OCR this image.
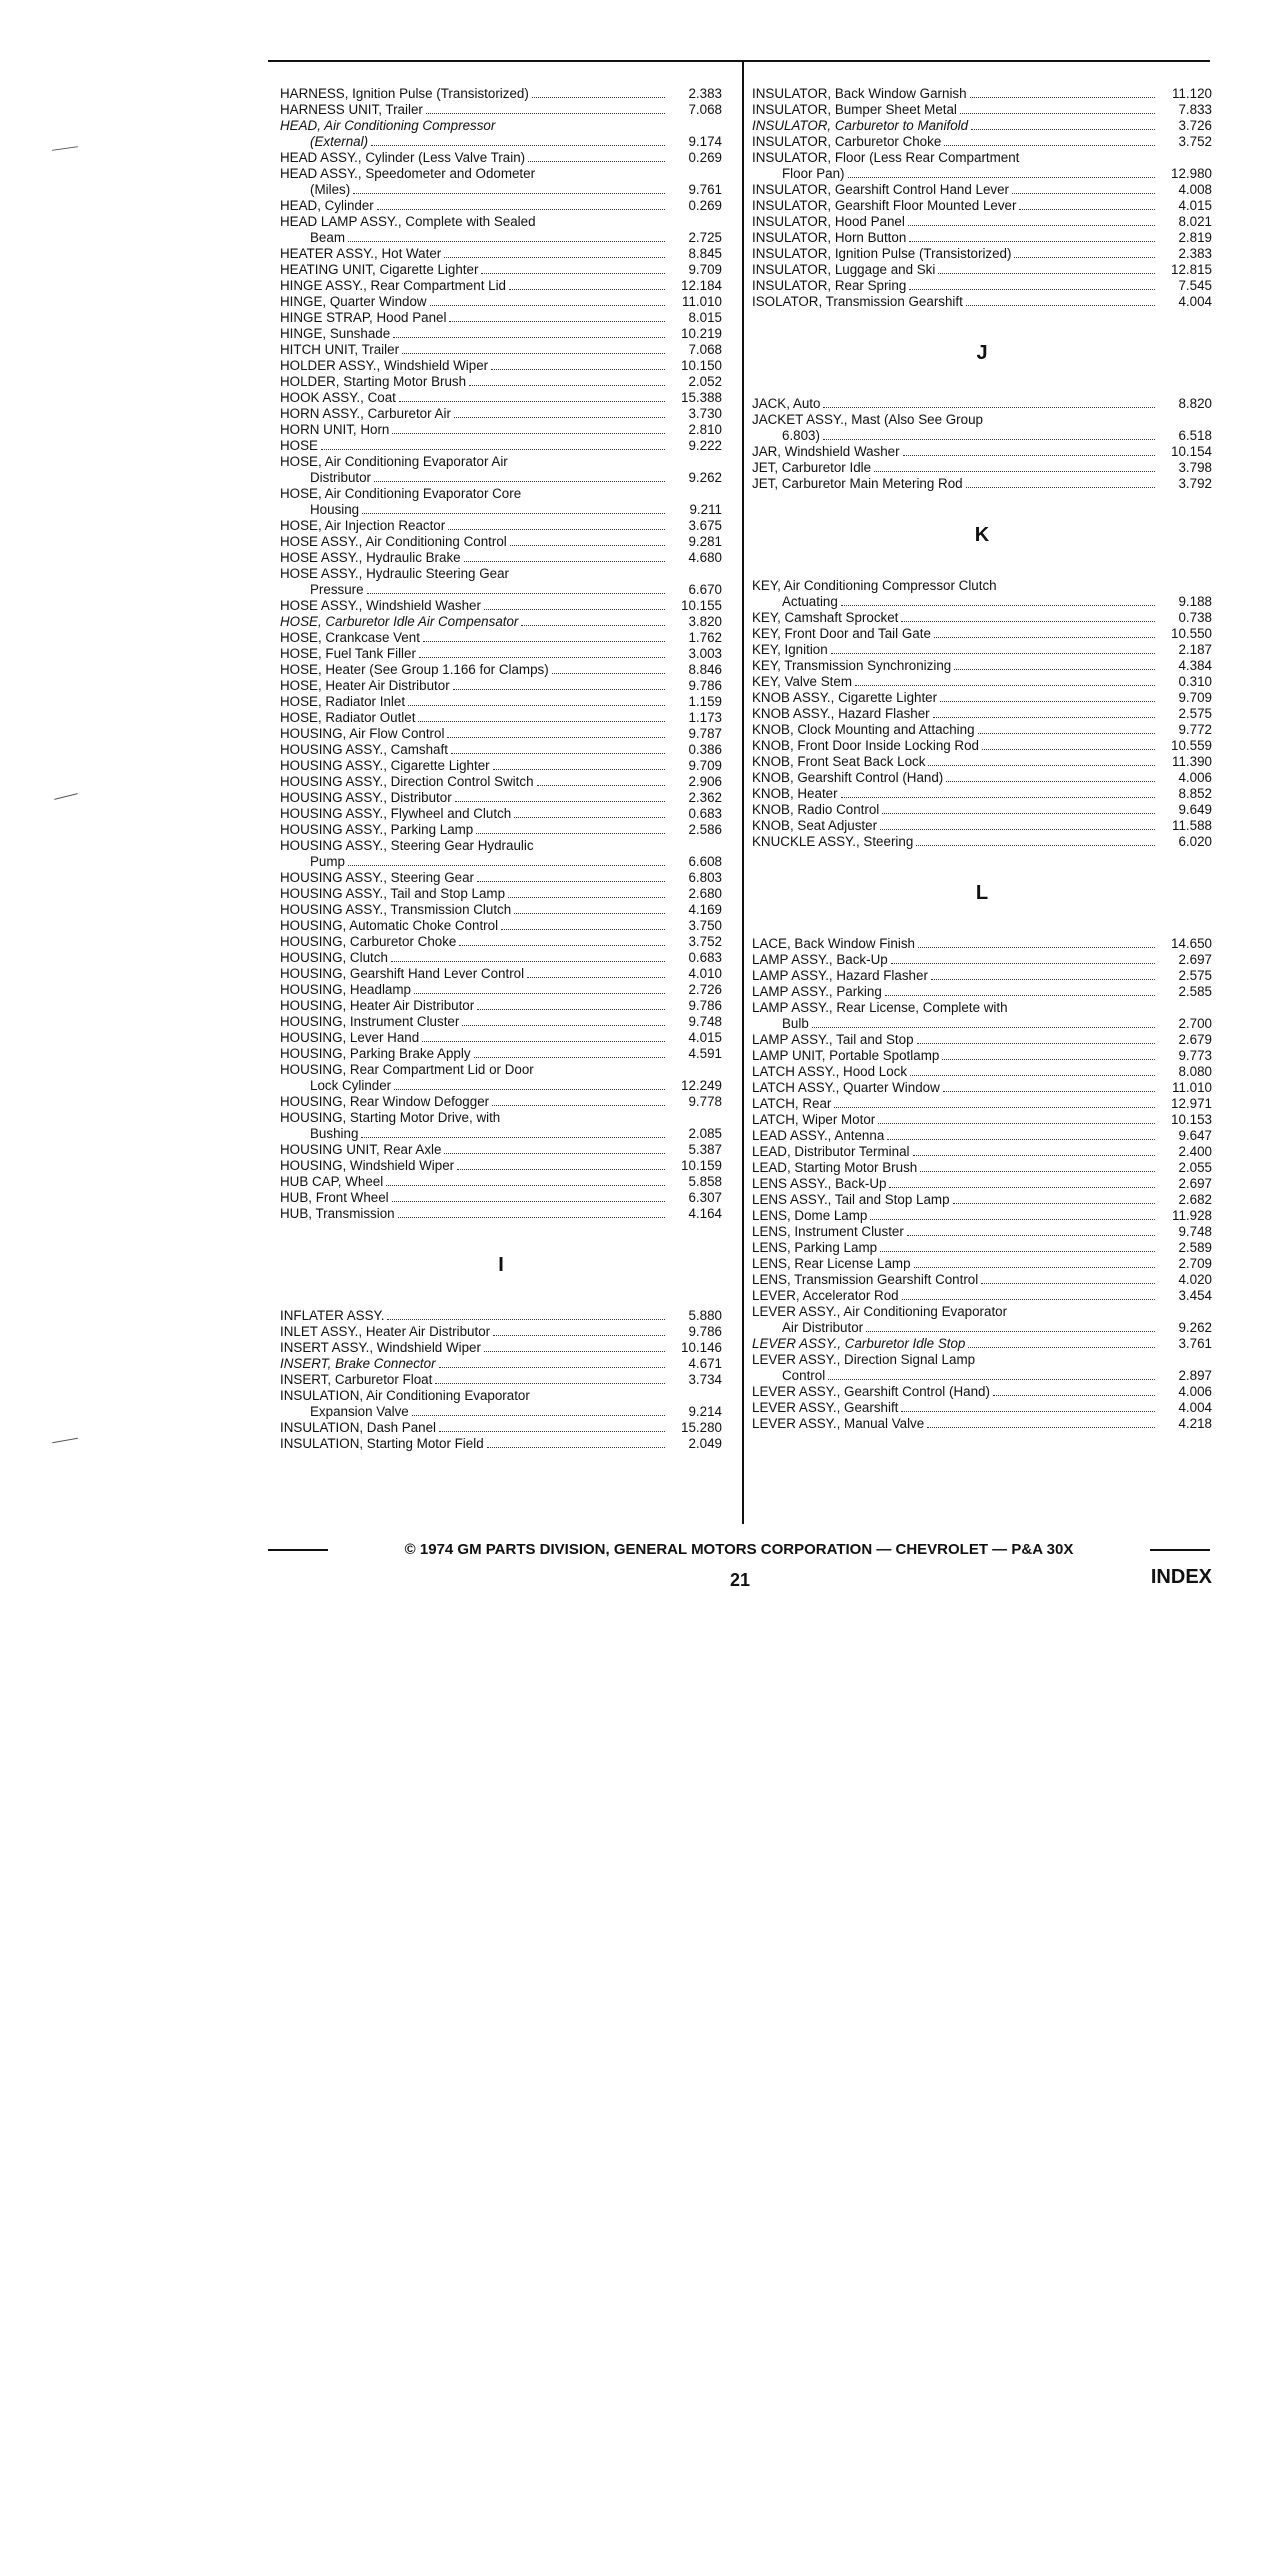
HARNESS, Ignition Pulse (Transistorized)	2.383
HARNESS UNIT, Trailer	7.068
HEAD, Air Conditioning Compressor
(External)	9.174
HEAD ASSY., Cylinder (Less Valve Train)	0.269
HEAD ASSY., Speedometer and Odometer
(Miles)	9.761
HEAD, Cylinder	0.269
HEAD LAMP ASSY., Complete with Sealed
Beam	2.725
HEATER ASSY., Hot Water	8.845
HEATING UNIT, Cigarette Lighter	9.709
HINGE ASSY., Rear Compartment Lid	12.184
HINGE, Quarter Window	11.010
HINGE STRAP, Hood Panel	8.015
HINGE, Sunshade	10.219
HITCH UNIT, Trailer	7.068
HOLDER ASSY., Windshield Wiper	10.150
HOLDER, Starting Motor Brush	2.052
HOOK ASSY., Coat	15.388
HORN ASSY., Carburetor Air	3.730
HORN UNIT, Horn	2.810
HOSE	9.222
HOSE, Air Conditioning Evaporator Air
Distributor	9.262
HOSE, Air Conditioning Evaporator Core
Housing	9.211
HOSE, Air Injection Reactor	3.675
HOSE ASSY., Air Conditioning Control	9.281
HOSE ASSY., Hydraulic Brake	4.680
HOSE ASSY., Hydraulic Steering Gear
Pressure	6.670
HOSE ASSY., Windshield Washer	10.155
HOSE, Carburetor Idle Air Compensator	3.820
HOSE, Crankcase Vent	1.762
HOSE, Fuel Tank Filler	3.003
HOSE, Heater (See Group 1.166 for Clamps)	8.846
HOSE, Heater Air Distributor	9.786
HOSE, Radiator Inlet	1.159
HOSE, Radiator Outlet	1.173
HOUSING, Air Flow Control	9.787
HOUSING ASSY., Camshaft	0.386
HOUSING ASSY., Cigarette Lighter	9.709
HOUSING ASSY., Direction Control Switch	2.906
HOUSING ASSY., Distributor	2.362
HOUSING ASSY., Flywheel and Clutch	0.683
HOUSING ASSY., Parking Lamp	2.586
HOUSING ASSY., Steering Gear Hydraulic
Pump	6.608
HOUSING ASSY., Steering Gear	6.803
HOUSING ASSY., Tail and Stop Lamp	2.680
HOUSING ASSY., Transmission Clutch	4.169
HOUSING, Automatic Choke Control	3.750
HOUSING, Carburetor Choke	3.752
HOUSING, Clutch	0.683
HOUSING, Gearshift Hand Lever Control	4.010
HOUSING, Headlamp	2.726
HOUSING, Heater Air Distributor	9.786
HOUSING, Instrument Cluster	9.748
HOUSING, Lever Hand	4.015
HOUSING, Parking Brake Apply	4.591
HOUSING, Rear Compartment Lid or Door
Lock Cylinder	12.249
HOUSING, Rear Window Defogger	9.778
HOUSING, Starting Motor Drive, with
Bushing	2.085
HOUSING UNIT, Rear Axle	5.387
HOUSING, Windshield Wiper	10.159
HUB CAP, Wheel	5.858
HUB, Front Wheel	6.307
HUB, Transmission	4.164
I
INFLATER ASSY.	5.880
INLET ASSY., Heater Air Distributor	9.786
INSERT ASSY., Windshield Wiper	10.146
INSERT, Brake Connector	4.671
INSERT, Carburetor Float	3.734
INSULATION, Air Conditioning Evaporator
Expansion Valve	9.214
INSULATION, Dash Panel	15.280
INSULATION, Starting Motor Field	2.049
INSULATOR, Back Window Garnish	11.120
INSULATOR, Bumper Sheet Metal	7.833
INSULATOR, Carburetor to Manifold	3.726
INSULATOR, Carburetor Choke	3.752
INSULATOR, Floor (Less Rear Compartment
Floor Pan)	12.980
INSULATOR, Gearshift Control Hand Lever	4.008
INSULATOR, Gearshift Floor Mounted Lever	4.015
INSULATOR, Hood Panel	8.021
INSULATOR, Horn Button	2.819
INSULATOR, Ignition Pulse (Transistorized)	2.383
INSULATOR, Luggage and Ski	12.815
INSULATOR, Rear Spring	7.545
ISOLATOR, Transmission Gearshift	4.004
J
JACK, Auto	8.820
JACKET ASSY., Mast (Also See Group
6.803)	6.518
JAR, Windshield Washer	10.154
JET, Carburetor Idle	3.798
JET, Carburetor Main Metering Rod	3.792
K
KEY, Air Conditioning Compressor Clutch
Actuating	9.188
KEY, Camshaft Sprocket	0.738
KEY, Front Door and Tail Gate	10.550
KEY, Ignition	2.187
KEY, Transmission Synchronizing	4.384
KEY, Valve Stem	0.310
KNOB ASSY., Cigarette Lighter	9.709
KNOB ASSY., Hazard Flasher	2.575
KNOB, Clock Mounting and Attaching	9.772
KNOB, Front Door Inside Locking Rod	10.559
KNOB, Front Seat Back Lock	11.390
KNOB, Gearshift Control (Hand)	4.006
KNOB, Heater	8.852
KNOB, Radio Control	9.649
KNOB, Seat Adjuster	11.588
KNUCKLE ASSY., Steering	6.020
L
LACE, Back Window Finish	14.650
LAMP ASSY., Back-Up	2.697
LAMP ASSY., Hazard Flasher	2.575
LAMP ASSY., Parking	2.585
LAMP ASSY., Rear License, Complete with
Bulb	2.700
LAMP ASSY., Tail and Stop	2.679
LAMP UNIT, Portable Spotlamp	9.773
LATCH ASSY., Hood Lock	8.080
LATCH ASSY., Quarter Window	11.010
LATCH, Rear	12.971
LATCH, Wiper Motor	10.153
LEAD ASSY., Antenna	9.647
LEAD, Distributor Terminal	2.400
LEAD, Starting Motor Brush	2.055
LENS ASSY., Back-Up	2.697
LENS ASSY., Tail and Stop Lamp	2.682
LENS, Dome Lamp	11.928
LENS, Instrument Cluster	9.748
LENS, Parking Lamp	2.589
LENS, Rear License Lamp	2.709
LENS, Transmission Gearshift Control	4.020
LEVER, Accelerator Rod	3.454
LEVER ASSY., Air Conditioning Evaporator
Air Distributor	9.262
LEVER ASSY., Carburetor Idle Stop	3.761
LEVER ASSY., Direction Signal Lamp
Control	2.897
LEVER ASSY., Gearshift Control (Hand)	4.006
LEVER ASSY., Gearshift	4.004
LEVER ASSY., Manual Valve	4.218
© 1974 GM PARTS DIVISION, GENERAL MOTORS CORPORATION — CHEVROLET — P&A 30X
21	INDEX
